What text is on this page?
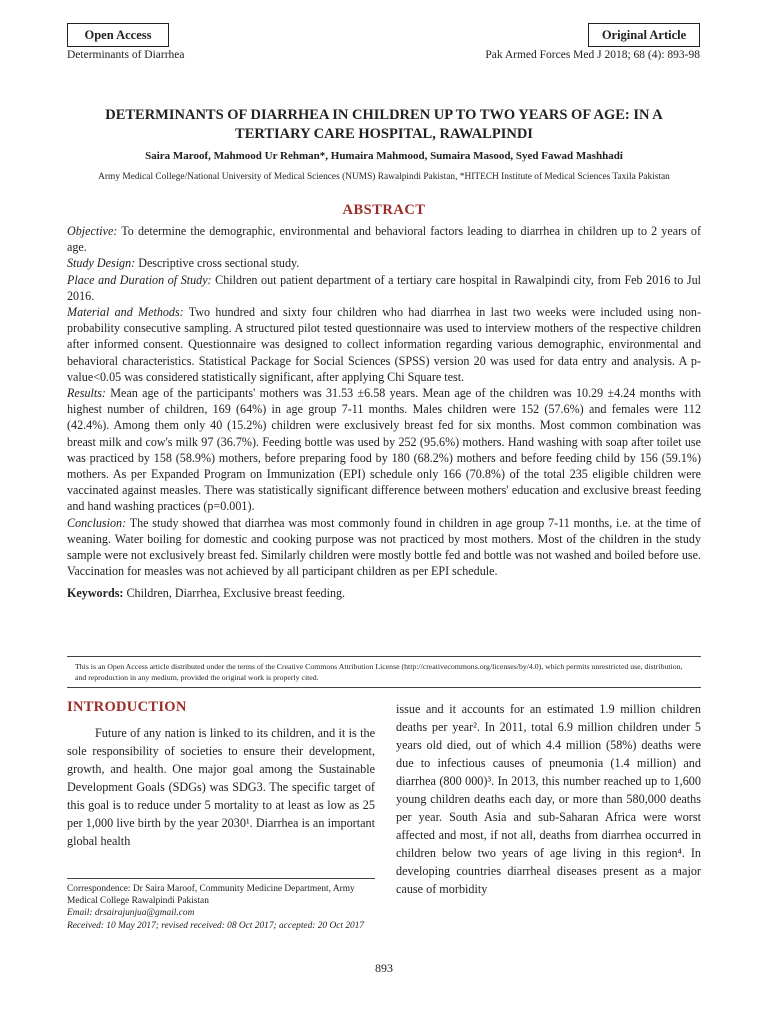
Open Access	Original Article
Determinants of Diarrhea	Pak Armed Forces Med J 2018; 68 (4): 893-98
DETERMINANTS OF DIARRHEA IN CHILDREN UP TO TWO YEARS OF AGE: IN A TERTIARY CARE HOSPITAL, RAWALPINDI
Saira Maroof, Mahmood Ur Rehman*, Humaira Mahmood, Sumaira Masood, Syed Fawad Mashhadi
Army Medical College/National University of Medical Sciences (NUMS) Rawalpindi Pakistan, *HITECH Institute of Medical Sciences Taxila Pakistan
ABSTRACT

Objective: To determine the demographic, environmental and behavioral factors leading to diarrhea in children up to 2 years of age.

Study Design: Descriptive cross sectional study.

Place and Duration of Study: Children out patient department of a tertiary care hospital in Rawalpindi city, from Feb 2016 to Jul 2016.

Material and Methods: Two hundred and sixty four children who had diarrhea in last two weeks were included using non-probability consecutive sampling. A structured pilot tested questionnaire was used to interview mothers of the respective children after informed consent. Questionnaire was designed to collect information regarding various demographic, environmental and behavioral characteristics. Statistical Package for Social Sciences (SPSS) version 20 was used for data entry and analysis. A p-value<0.05 was considered statistically significant, after applying Chi Square test.

Results: Mean age of the participants' mothers was 31.53 ±6.58 years. Mean age of the children was 10.29 ±4.24 months with highest number of children, 169 (64%) in age group 7-11 months. Males children were 152 (57.6%) and females were 112 (42.4%). Among them only 40 (15.2%) children were exclusively breast fed for six months. Most common combination was breast milk and cow's milk 97 (36.7%). Feeding bottle was used by 252 (95.6%) mothers. Hand washing with soap after toilet use was practiced by 158 (58.9%) mothers, before preparing food by 180 (68.2%) mothers and before feeding child by 156 (59.1%) mothers. As per Expanded Program on Immunization (EPI) schedule only 166 (70.8%) of the total 235 eligible children were vaccinated against measles. There was statistically significant difference between mothers' education and exclusive breast feeding and hand washing practices (p=0.001).

Conclusion: The study showed that diarrhea was most commonly found in children in age group 7-11 months, i.e. at the time of weaning. Water boiling for domestic and cooking purpose was not practiced by most mothers. Most of the children in the study sample were not exclusively breast fed. Similarly children were mostly bottle fed and bottle was not washed and boiled before use. Vaccination for measles was not achieved by all participant children as per EPI schedule.

Keywords: Children, Diarrhea, Exclusive breast feeding.

This is an Open Access article distributed under the terms of the Creative Commons Attribution License (http://creativecommons.org/licenses/by/4.0), which permits unrestricted use, distribution, and reproduction in any medium, provided the original work is properly cited.
INTRODUCTION

Future of any nation is linked to its children, and it is the sole responsibility of societies to ensure their development, growth, and health. One major goal among the Sustainable Development Goals (SDGs) was SDG3. The specific target of this goal is to reduce under 5 mortality to at least as low as 25 per 1,000 live birth by the year 2030¹. Diarrhea is an important global health

issue and it accounts for an estimated 1.9 million children deaths per year². In 2011, total 6.9 million children under 5 years old died, out of which 4.4 million (58%) deaths were due to infectious causes of pneumonia (1.4 million) and diarrhea (800 000)³. In 2013, this number reached up to 1,600 young children deaths each day, or more than 580,000 deaths per year. South Asia and sub-Saharan Africa were worst affected and most, if not all, deaths from diarrhea occurred in children below two years of age living in this region⁴. In developing countries diarrheal diseases present as a major cause of morbidity

Correspondence: Dr Saira Maroof, Community Medicine Department, Army Medical College Rawalpindi Pakistan
Email: drsairajunjua@gmail.com
Received: 10 May 2017; revised received: 08 Oct 2017; accepted: 20 Oct 2017
893
